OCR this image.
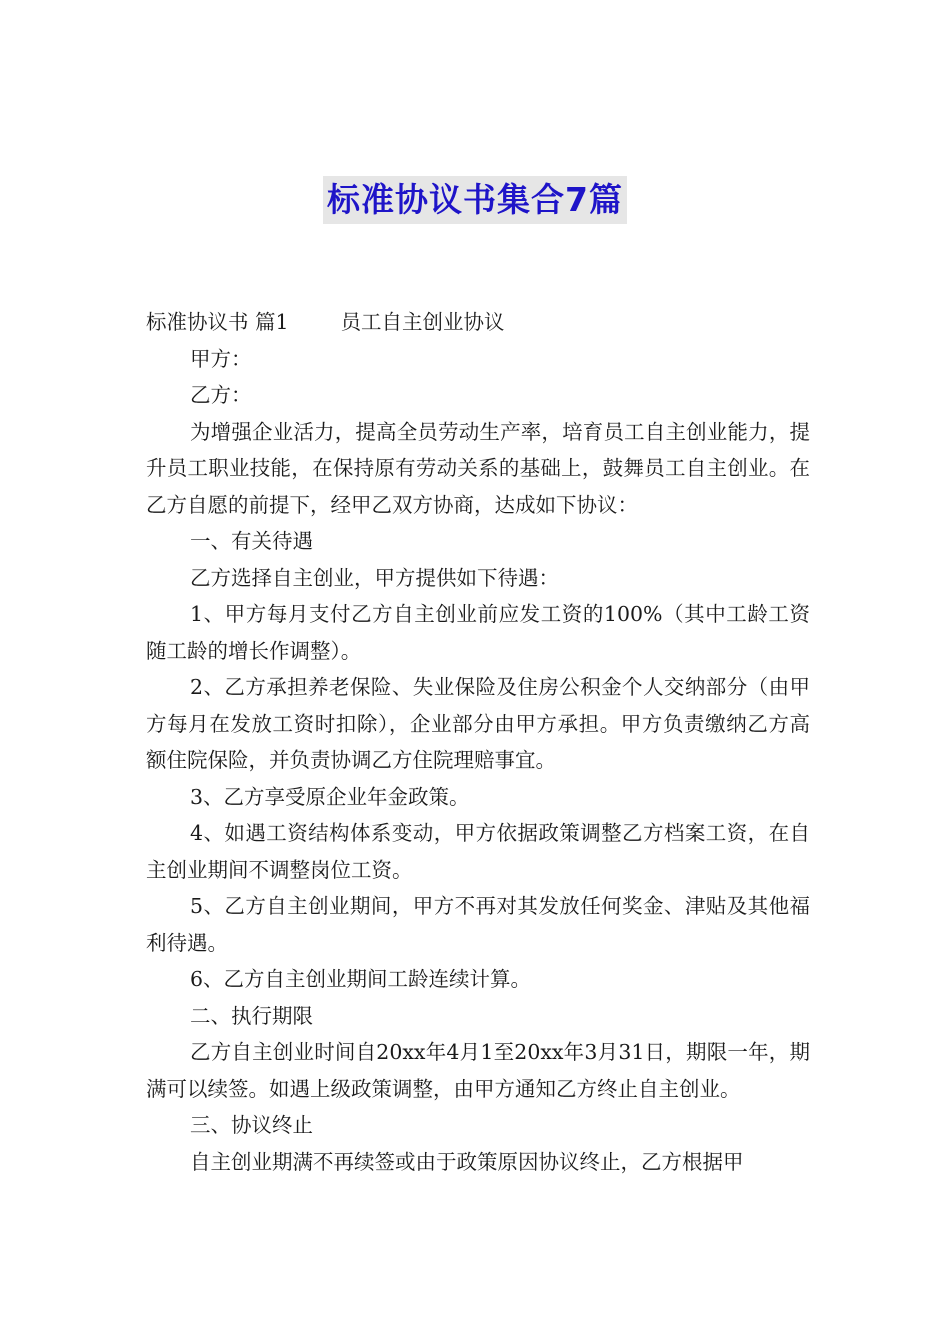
标准协议书集合7篇

标准协议书 篇1	员工自主创业协议

甲方：

乙方：

为增强企业活力，提高全员劳动生产率，培育员工自主创业能力，提升员工职业技能，在保持原有劳动关系的基础上，鼓舞员工自主创业。在乙方自愿的前提下，经甲乙双方协商，达成如下协议：

一、有关待遇

乙方选择自主创业，甲方提供如下待遇：

1、甲方每月支付乙方自主创业前应发工资的100%（其中工龄工资随工龄的增长作调整）。

2、乙方承担养老保险、失业保险及住房公积金个人交纳部分（由甲方每月在发放工资时扣除），企业部分由甲方承担。甲方负责缴纳乙方高额住院保险，并负责协调乙方住院理赔事宜。

3、乙方享受原企业年金政策。

4、如遇工资结构体系变动，甲方依据政策调整乙方档案工资，在自主创业期间不调整岗位工资。

5、乙方自主创业期间，甲方不再对其发放任何奖金、津贴及其他福利待遇。

6、乙方自主创业期间工龄连续计算。

二、执行期限

乙方自主创业时间自20xx年4月1至20xx年3月31日，期限一年，期满可以续签。如遇上级政策调整，由甲方通知乙方终止自主创业。

三、协议终止

自主创业期满不再续签或由于政策原因协议终止，乙方根据甲
